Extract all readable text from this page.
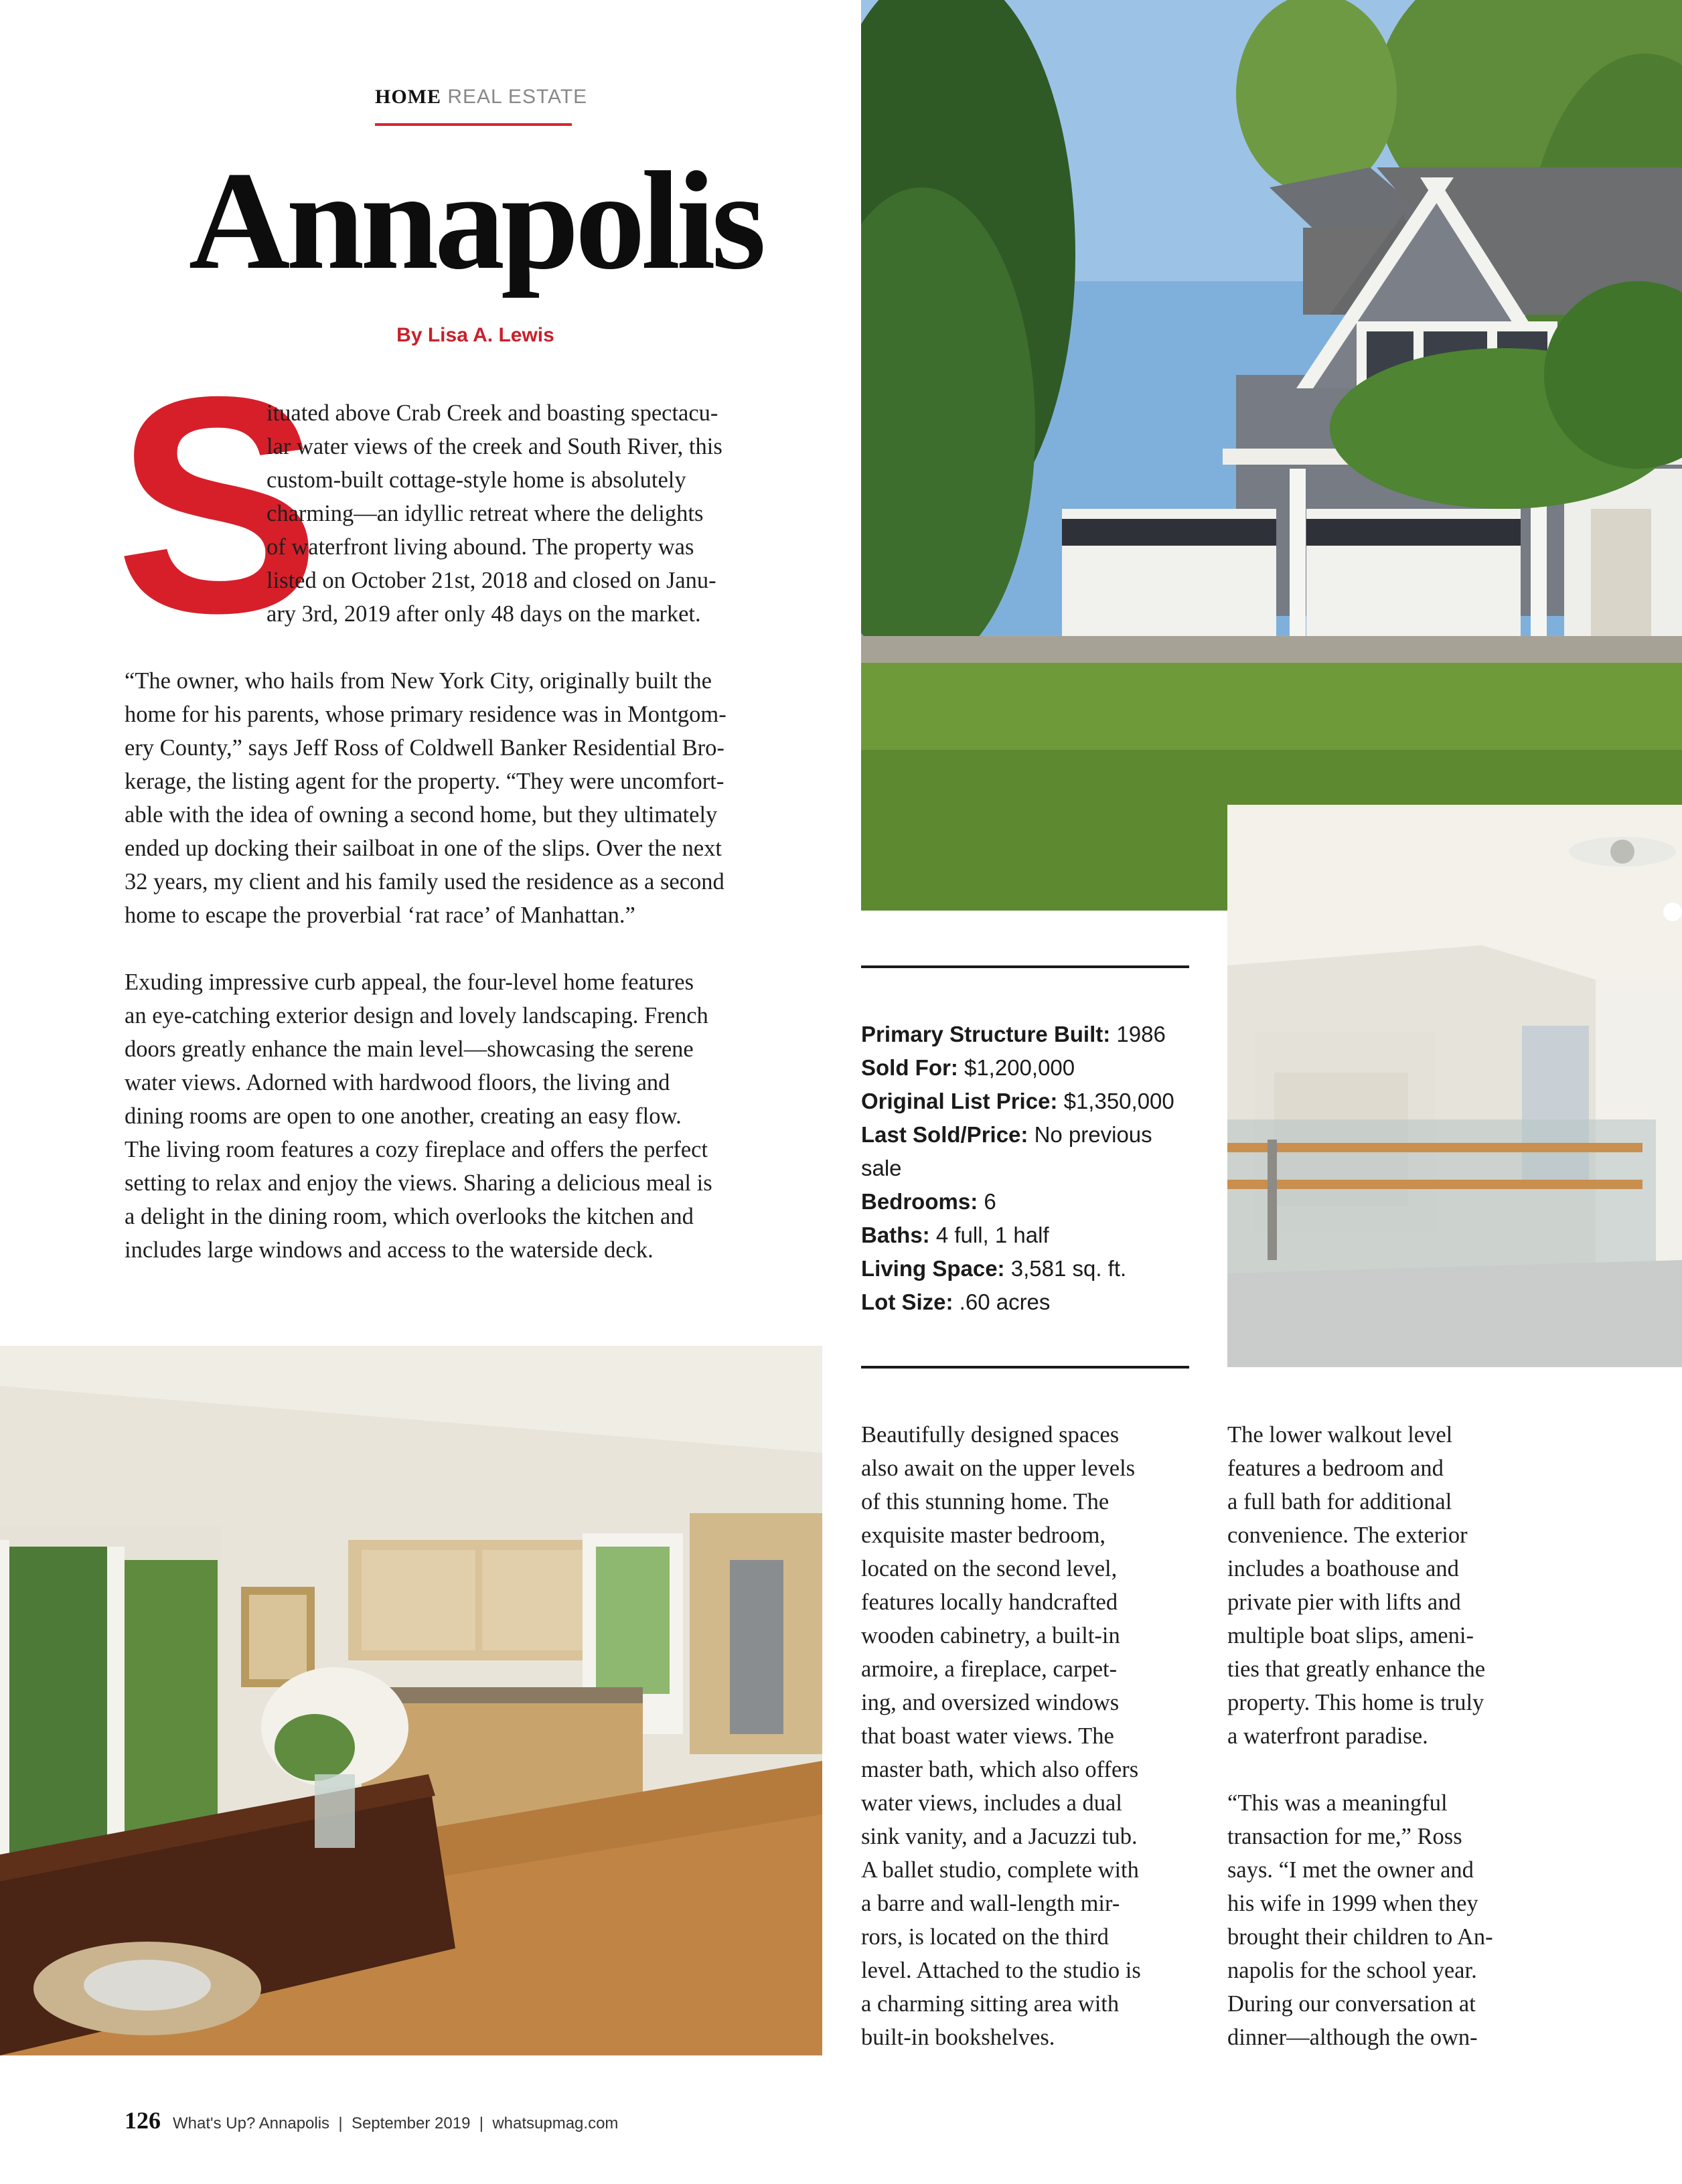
HOME REAL ESTATE
Annapolis
By Lisa A. Lewis
S
ituated above Crab Creek and boasting spectacu-
lar water views of the creek and South River, this
custom-built cottage-style home is absolutely
charming—an idyllic retreat where the delights
of waterfront living abound. The property was
listed on October 21st, 2018 and closed on Janu-
ary 3rd, 2019 after only 48 days on the market.
“The owner, who hails from New York City, originally built the
home for his parents, whose primary residence was in Montgom-
ery County,” says Jeff Ross of Coldwell Banker Residential Bro-
kerage, the listing agent for the property. “They were uncomfort-
able with the idea of owning a second home, but they ultimately
ended up docking their sailboat in one of the slips. Over the next
32 years, my client and his family used the residence as a second
home to escape the proverbial ‘rat race’ of Manhattan.”
Exuding impressive curb appeal, the four-level home features
an eye-catching exterior design and lovely landscaping. French
doors greatly enhance the main level—showcasing the serene
water views. Adorned with hardwood floors, the living and
dining rooms are open to one another, creating an easy flow.
The living room features a cozy fireplace and offers the perfect
setting to relax and enjoy the views. Sharing a delicious meal is
a delight in the dining room, which overlooks the kitchen and
includes large windows and access to the waterside deck.

Primary Structure Built: 1986

Sold For: $1,200,000

Original List Price: $1,350,000

Last Sold/Price: No previous sale

Bedrooms: 6

Baths: 4 full, 1 half

Living Space: 3,581 sq. ft.

Lot Size: .60 acres

Beautifully designed spaces
also await on the upper levels
of this stunning home. The
exquisite master bedroom,
located on the second level,
features locally handcrafted
wooden cabinetry, a built-in
armoire, a fireplace, carpet-
ing, and oversized windows
that boast water views. The
master bath, which also offers
water views, includes a dual
sink vanity, and a Jacuzzi tub.
A ballet studio, complete with
a barre and wall-length mir-
rors, is located on the third
level. Attached to the studio is
a charming sitting area with
built-in bookshelves.
The lower walkout level
features a bedroom and
a full bath for additional
convenience. The exterior
includes a boathouse and
private pier with lifts and
multiple boat slips, ameni-
ties that greatly enhance the
property. This home is truly
a waterfront paradise.
“This was a meaningful
transaction for me,” Ross
says. “I met the owner and
his wife in 1999 when they
brought their children to An-
napolis for the school year.
During our conversation at
dinner—although the own-
126 What's Up? Annapolis  |  September 2019  |  whatsupmag.com
